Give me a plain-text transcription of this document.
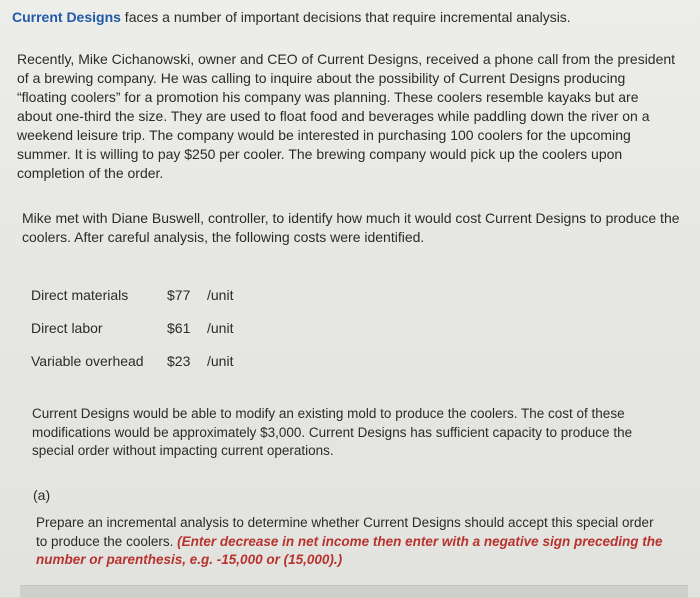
Current Designs faces a number of important decisions that require incremental analysis.
Recently, Mike Cichanowski, owner and CEO of Current Designs, received a phone call from the president of a brewing company. He was calling to inquire about the possibility of Current Designs producing “floating coolers” for a promotion his company was planning. These coolers resemble kayaks but are about one-third the size. They are used to float food and beverages while paddling down the river on a weekend leisure trip. The company would be interested in purchasing 100 coolers for the upcoming summer. It is willing to pay $250 per cooler. The brewing company would pick up the coolers upon completion of the order.
Mike met with Diane Buswell, controller, to identify how much it would cost Current Designs to produce the coolers. After careful analysis, the following costs were identified.
Direct materials	$77	/unit
Direct labor	$61	/unit
Variable overhead	$23	/unit
Current Designs would be able to modify an existing mold to produce the coolers. The cost of these modifications would be approximately $3,000. Current Designs has sufficient capacity to produce the special order without impacting current operations.
(a)
Prepare an incremental analysis to determine whether Current Designs should accept this special order to produce the coolers. (Enter decrease in net income then enter with a negative sign preceding the number or parenthesis, e.g. -15,000 or (15,000).)
